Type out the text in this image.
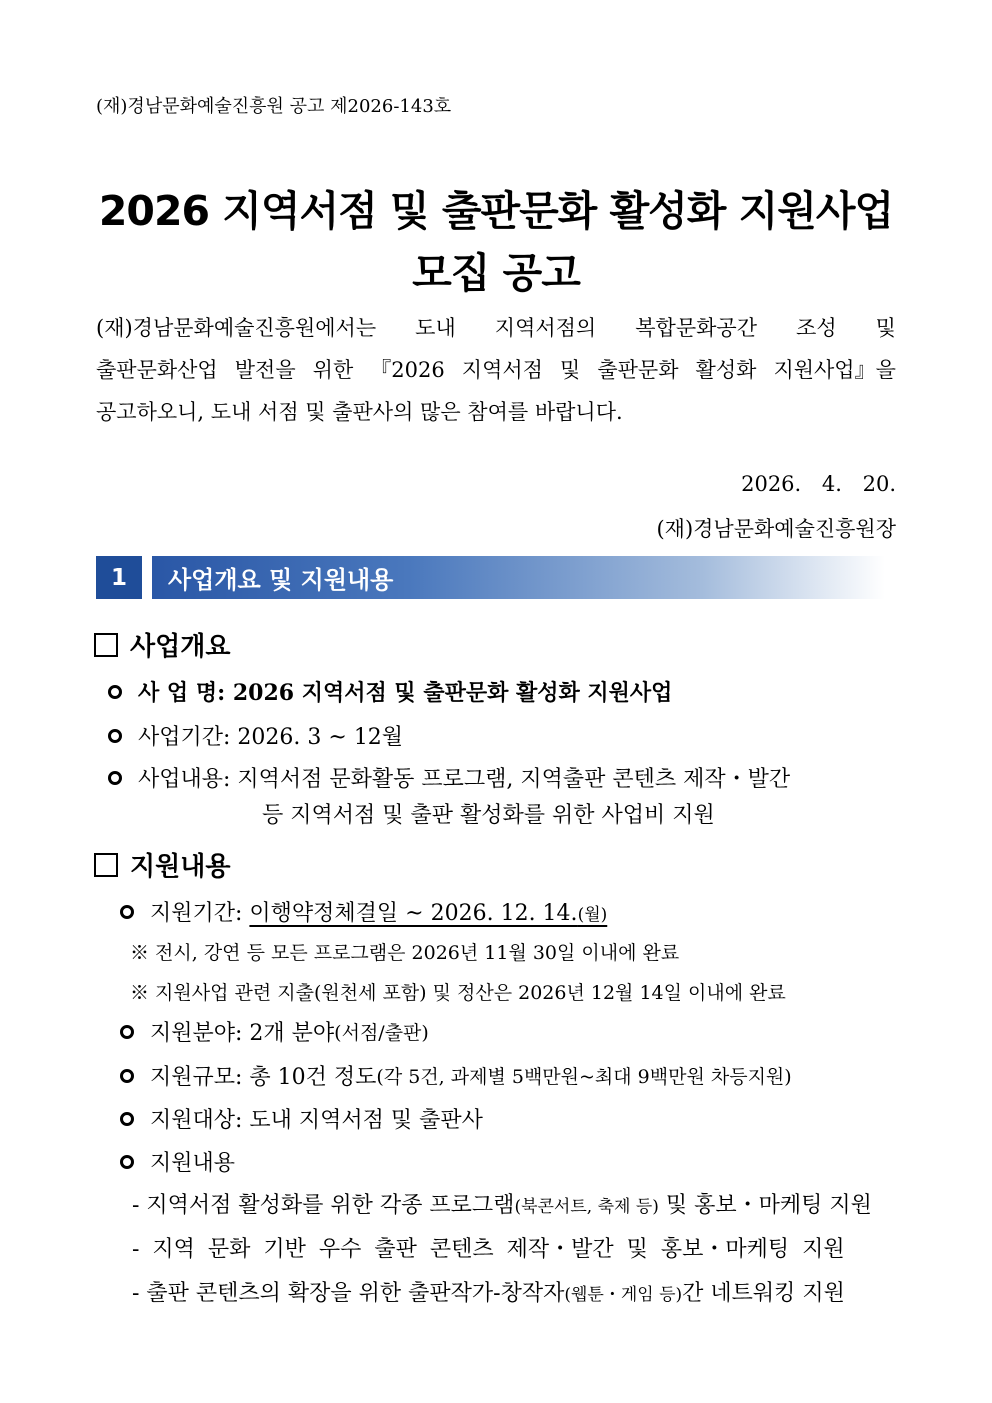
(재)경남문화예술진흥원 공고 제2026-143호
2026 지역서점 및 출판문화 활성화 지원사업
모집 공고
(재)경남문화예술진흥원에서는 도내 지역서점의 복합문화공간 조성 및
출판문화산업 발전을 위한 『2026 지역서점 및 출판문화 활성화 지원사업』을
공고하오니, 도내 서점 및 출판사의 많은 참여를 바랍니다.
2026. 4. 20.
(재)경남문화예술진흥원장
1	사업개요 및 지원내용
사업개요
사 업 명:
2026 지역서점 및 출판문화 활성화 지원사업
사업기간:
2026. 3 ~ 12월
사업내용:
지역서점 문화활동 프로그램, 지역출판 콘텐츠 제작・발간
등 지역서점 및 출판 활성화를 위한 사업비 지원
지원내용
지원기간:
이행약정체결일 ~ 2026. 12. 14.(월)
※ 전시, 강연 등 모든 프로그램은 2026년 11월 30일 이내에 완료
※ 지원사업 관련 지출(원천세 포함) 및 정산은 2026년 12월 14일 이내에 완료
지원분야:
2개 분야 (서점/출판)
지원규모:
총 10건 정도 (각 5건, 과제별 5백만원~최대 9백만원 차등지원)
지원대상:
도내 지역서점 및 출판사
지원내용
- 지역서점 활성화를 위한 각종 프로그램(북콘서트, 축제 등) 및 홍보・마케팅 지원
- 지역 문화 기반 우수 출판 콘텐츠 제작・발간 및 홍보・마케팅 지원
- 출판 콘텐츠의 확장을 위한 출판작가-창작자(웹툰・게임 등)간 네트워킹 지원
